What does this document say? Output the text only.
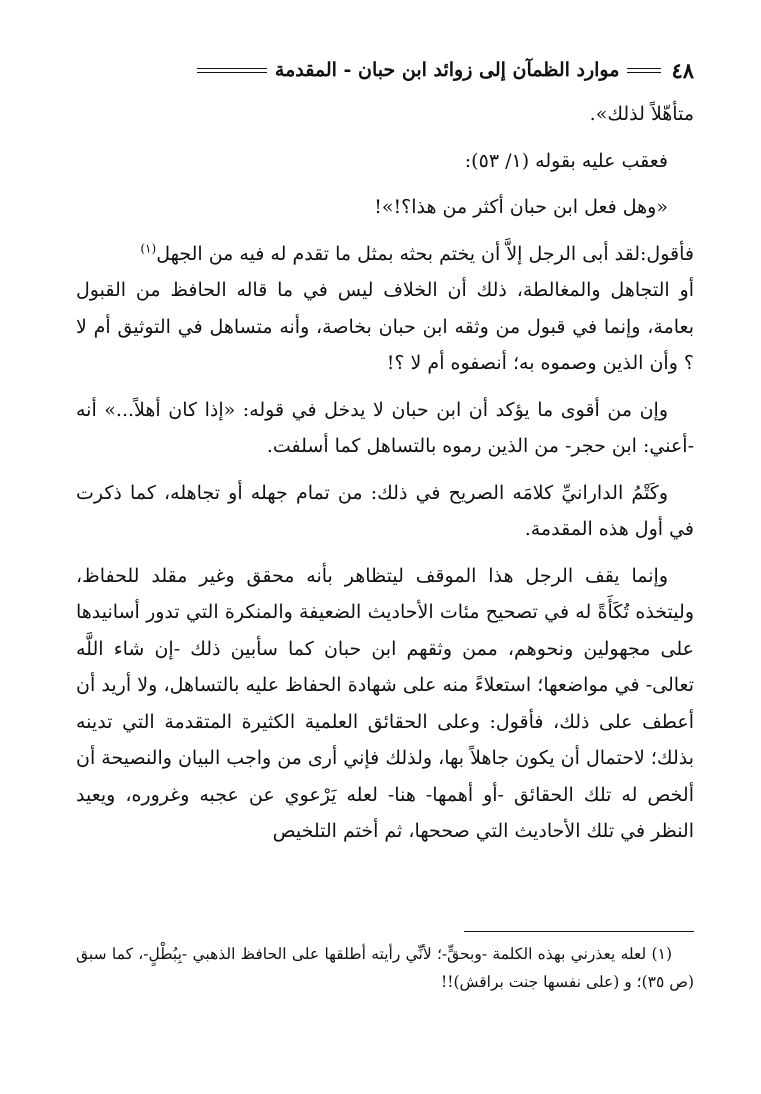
٤٨
موارد الظمآن إلى زوائد ابن حبان - المقدمة

متأهّلاً لذلك».

فعقب عليه بقوله (١/ ٥٣):

«وهل فعل ابن حبان أكثر من هذا؟!»!

فأقول:لقد أبى الرجل إلاَّ أن يختم بحثه بمثل ما تقدم له فيه من الجهل$^{(١)}$

أو التجاهل والمغالطة، ذلك أن الخلاف ليس في ما قاله الحافظ من القبول بعامة، وإنما في قبول من وثقه ابن حبان بخاصة، وأنه متساهل في التوثيق أم لا ؟ وأن الذين وصموه به؛ أنصفوه أم لا ؟!

وإن من أقوى ما يؤكد أن ابن حبان لا يدخل في قوله: «إذا كان أهلاً...» أنه -أعني: ابن حجر- من الذين رموه بالتساهل كما أسلفت.

وكَتْمُ الدارانيِّ كلامَه الصريح في ذلك: من تمام جهله أو تجاهله، كما ذكرت في أول هذه المقدمة.

وإنما يقف الرجل هذا الموقف ليتظاهر بأنه محقق وغير مقلد للحفاظ، وليتخذه تُكَأَةً له في تصحيح مئات الأحاديث الضعيفة والمنكرة التي تدور أسانيدها على مجهولين ونحوهم، ممن وثقهم ابن حبان كما سأبين ذلك -إن شاء اللَّه تعالى- في مواضعها؛ استعلاءً منه على شهادة الحفاظ عليه بالتساهل، ولا أريد أن أعطف على ذلك، فأقول: وعلى الحقائق العلمية الكثيرة المتقدمة التي تدينه بذلك؛ لاحتمال أن يكون جاهلاً بها، ولذلك فإني أرى من واجب البيان والنصيحة أن ألخص له تلك الحقائق -أو أهمها- هنا- لعله يَرْعوي عن عجبه وغروره، ويعيد النظر في تلك الأحاديث التي صححها، ثم أختم التلخيص

(١) لعله يعذرني بهذه الكلمة -وبحقٍّ-؛ لأنِّي رأيته أطلقها على الحافظ الذهبي -بِبُطْلٍ-، كما سبق (ص ٣٥)؛ و (على نفسها جنت براقش)!!
